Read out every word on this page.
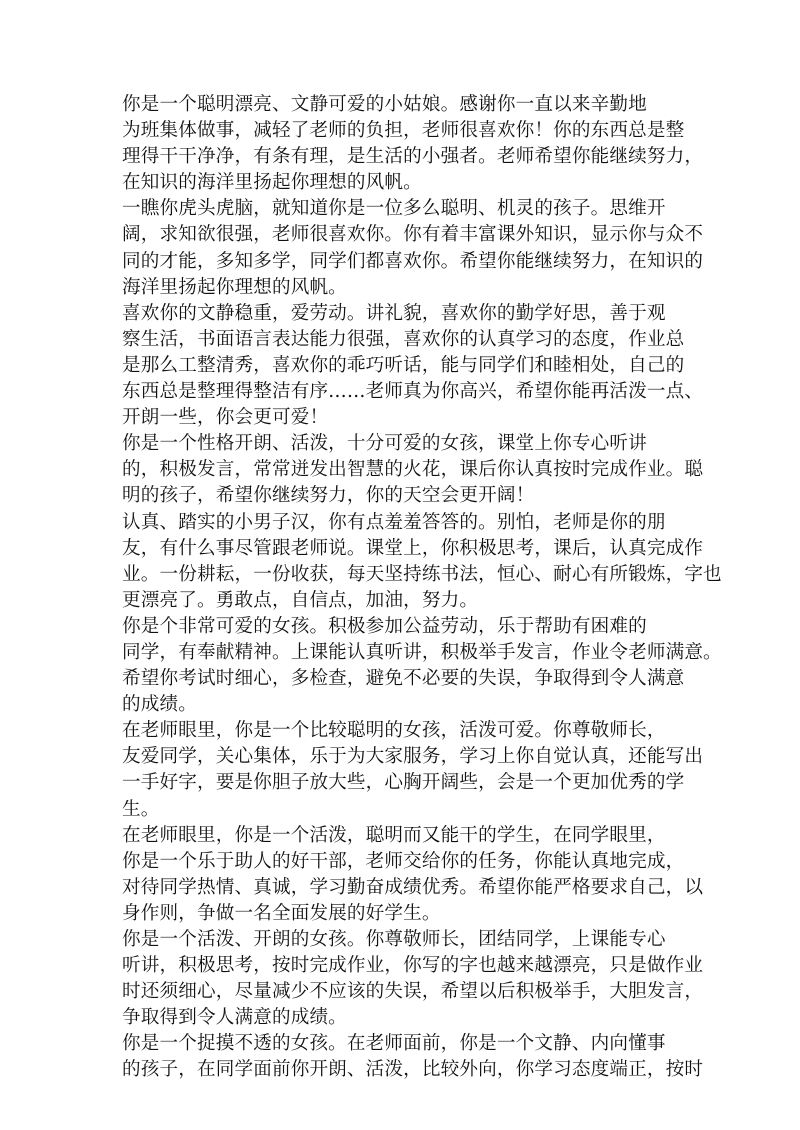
你是一个聪明漂亮、文静可爱的小姑娘。感谢你一直以来辛勤地

为班集体做事，减轻了老师的负担，老师很喜欢你！你的东西总是整

理得干干净净，有条有理，是生活的小强者。老师希望你能继续努力，

在知识的海洋里扬起你理想的风帆。

一瞧你虎头虎脑，就知道你是一位多么聪明、机灵的孩子。思维开

阔，求知欲很强，老师很喜欢你。你有着丰富课外知识，显示你与众不

同的才能，多知多学，同学们都喜欢你。希望你能继续努力，在知识的

海洋里扬起你理想的风帆。

喜欢你的文静稳重，爱劳动。讲礼貌，喜欢你的勤学好思，善于观

察生活，书面语言表达能力很强，喜欢你的认真学习的态度，作业总

是那么工整清秀，喜欢你的乖巧听话，能与同学们和睦相处，自己的

东西总是整理得整洁有序……老师真为你高兴，希望你能再活泼一点、

开朗一些，你会更可爱！

你是一个性格开朗、活泼，十分可爱的女孩，课堂上你专心听讲

的，积极发言，常常迸发出智慧的火花，课后你认真按时完成作业。聪

明的孩子，希望你继续努力，你的天空会更开阔！

认真、踏实的小男子汉，你有点羞羞答答的。别怕，老师是你的朋

友，有什么事尽管跟老师说。课堂上，你积极思考，课后，认真完成作

业。一份耕耘，一份收获，每天坚持练书法，恒心、耐心有所锻炼，字也

更漂亮了。勇敢点，自信点，加油，努力。

你是个非常可爱的女孩。积极参加公益劳动，乐于帮助有困难的

同学，有奉献精神。上课能认真听讲，积极举手发言，作业令老师满意。

希望你考试时细心，多检查，避免不必要的失误，争取得到令人满意

的成绩。

在老师眼里，你是一个比较聪明的女孩，活泼可爱。你尊敬师长，

友爱同学，关心集体，乐于为大家服务，学习上你自觉认真，还能写出

一手好字，要是你胆子放大些，心胸开阔些，会是一个更加优秀的学

生。

在老师眼里，你是一个活泼，聪明而又能干的学生，在同学眼里，

你是一个乐于助人的好干部，老师交给你的任务，你能认真地完成，

对待同学热情、真诚，学习勤奋成绩优秀。希望你能严格要求自己，以

身作则，争做一名全面发展的好学生。

你是一个活泼、开朗的女孩。你尊敬师长，团结同学，上课能专心

听讲，积极思考，按时完成作业，你写的字也越来越漂亮，只是做作业

时还须细心，尽量减少不应该的失误，希望以后积极举手，大胆发言，

争取得到令人满意的成绩。

你是一个捉摸不透的女孩。在老师面前，你是一个文静、内向懂事

的孩子，在同学面前你开朗、活泼，比较外向，你学习态度端正，按时
